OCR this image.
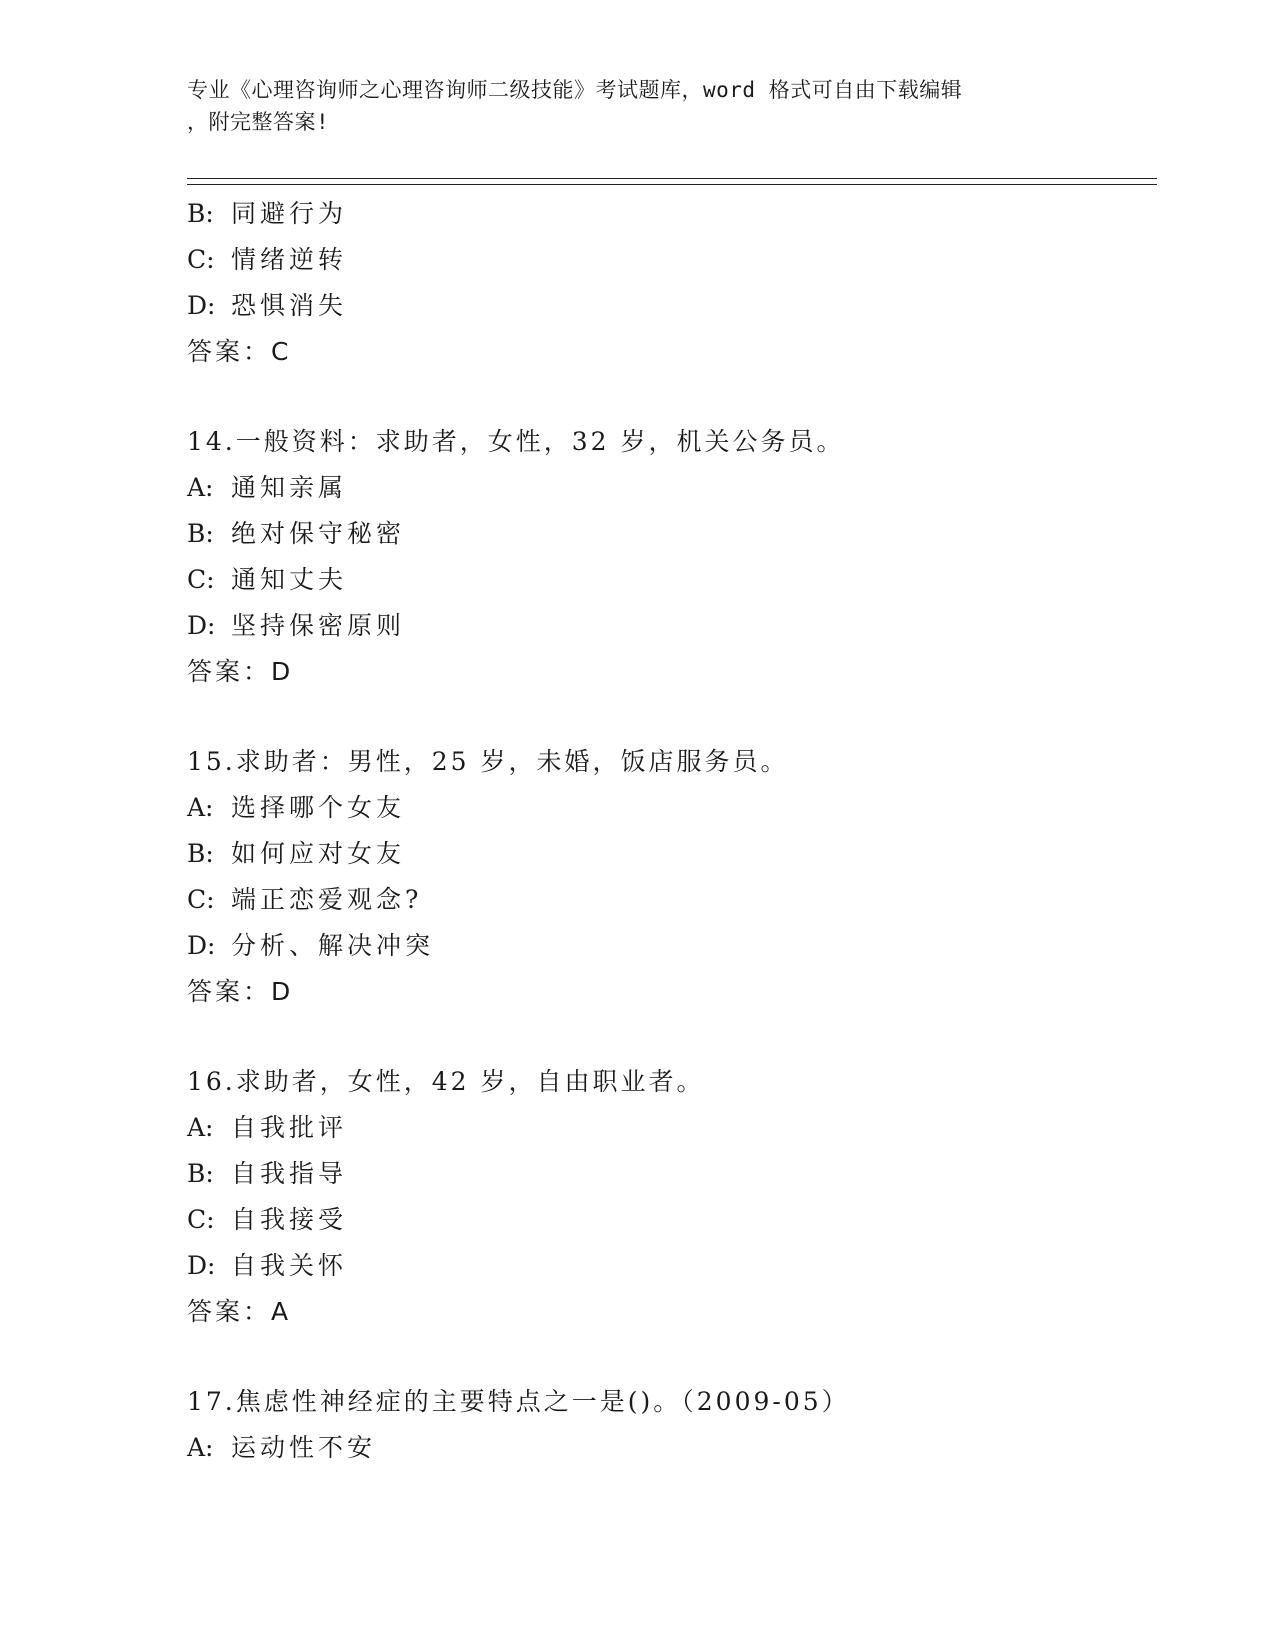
专业《心理咨询师之心理咨询师二级技能》考试题库，word 格式可自由下载编辑
，附完整答案!
B: 同避行为
C: 情绪逆转
D: 恐惧消失
答案：C
14.一般资料：求助者，女性，32 岁，机关公务员。
A: 通知亲属
B: 绝对保守秘密
C: 通知丈夫
D: 坚持保密原则
答案：D
15.求助者：男性，25 岁，未婚，饭店服务员。
A: 选择哪个女友
B: 如何应对女友
C: 端正恋爱观念?
D: 分析、解决冲突
答案：D
16.求助者，女性，42 岁，自由职业者。
A: 自我批评
B: 自我指导
C: 自我接受
D: 自我关怀
答案：A
17.焦虑性神经症的主要特点之一是()。（2009-05）
A: 运动性不安
